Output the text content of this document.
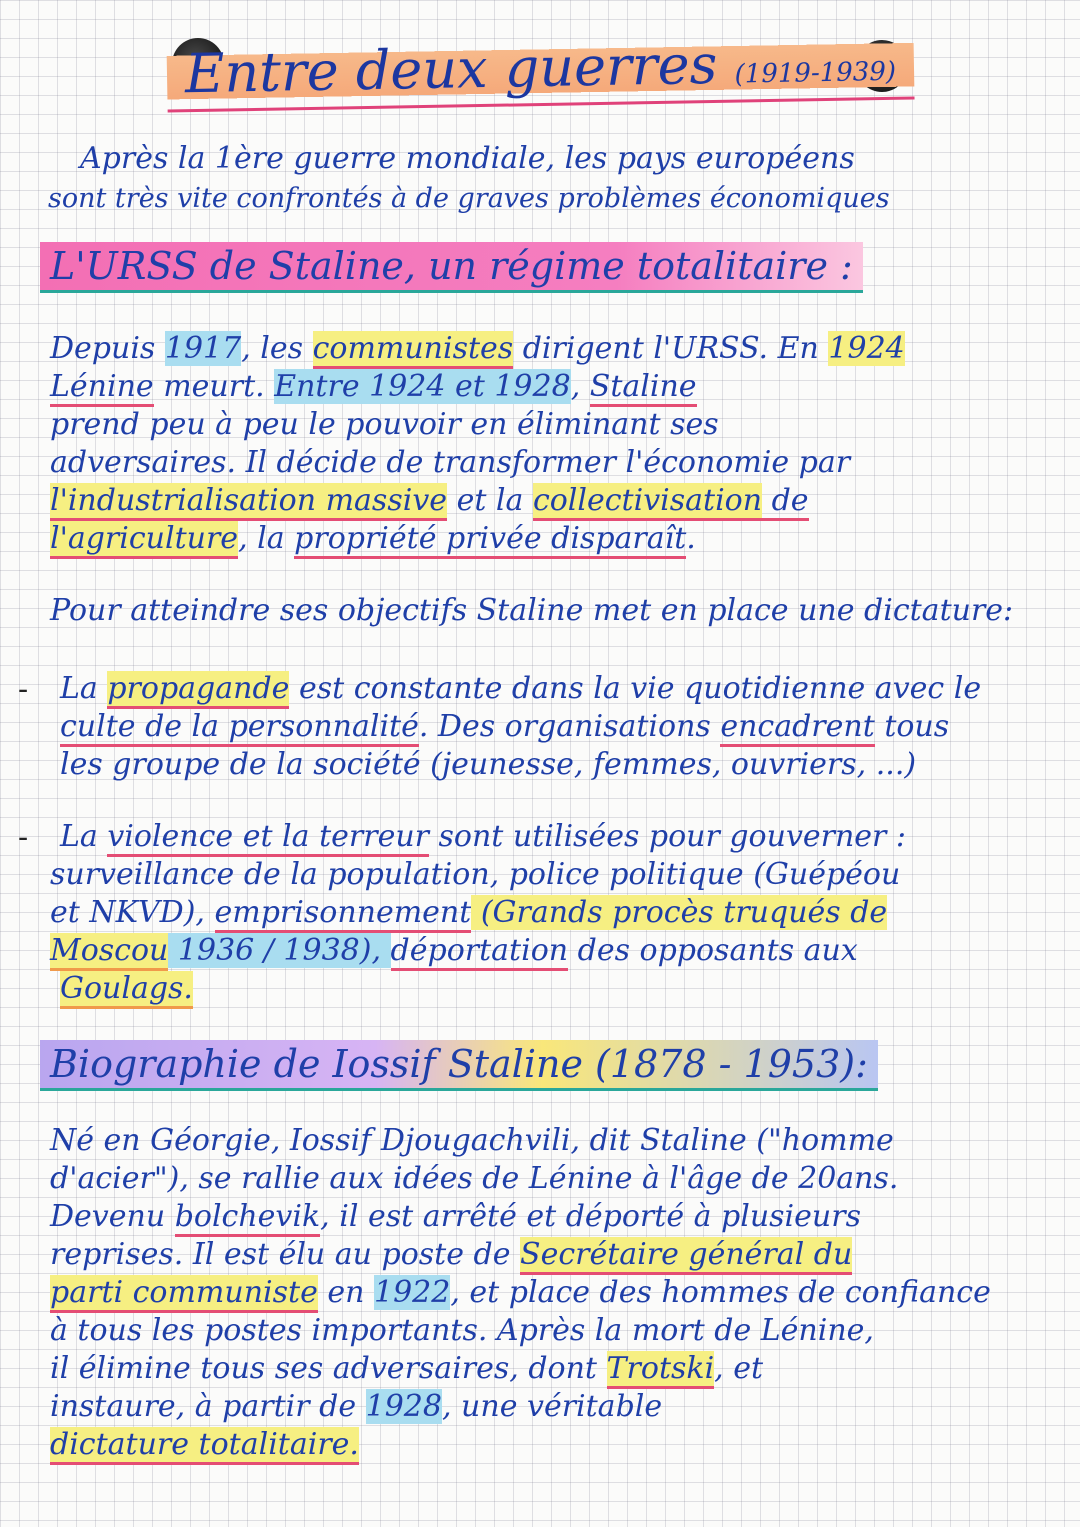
Entre deux guerres (1919-1939)
Après la 1ère guerre mondiale, les pays européens
sont très vite confrontés à de graves problèmes économiques
L'URSS de Staline, un régime totalitaire :
Depuis 1917, les communistes dirigent l'URSS. En 1924
Lénine meurt. Entre 1924 et 1928, Staline
prend peu à peu le pouvoir en éliminant ses
adversaires. Il décide de transformer l'économie par
l'industrialisation massive et la collectivisation de
l'agriculture, la propriété privée disparaît.
Pour atteindre ses objectifs Staline met en place une dictature:
- La propagande est constante dans la vie quotidienne avec le
culte de la personnalité. Des organisations encadrent tous
les groupe de la société (jeunesse, femmes, ouvriers, ...)
- La violence et la terreur sont utilisées pour gouverner :
surveillance de la population, police politique (Guépéou
et NKVD), emprisonnement (Grands procès truqués de
Moscou 1936 / 1938), déportation des opposants aux
Goulags.
Biographie de Iossif Staline (1878 - 1953):
Né en Géorgie, Iossif Djougachvili, dit Staline ("homme
d'acier"), se rallie aux idées de Lénine à l'âge de 20ans.
Devenu bolchevik, il est arrêté et déporté à plusieurs
reprises. Il est élu au poste de Secrétaire général du
parti communiste en 1922, et place des hommes de confiance
à tous les postes importants. Après la mort de Lénine,
il élimine tous ses adversaires, dont Trotski, et
instaure, à partir de 1928, une véritable
dictature totalitaire.
